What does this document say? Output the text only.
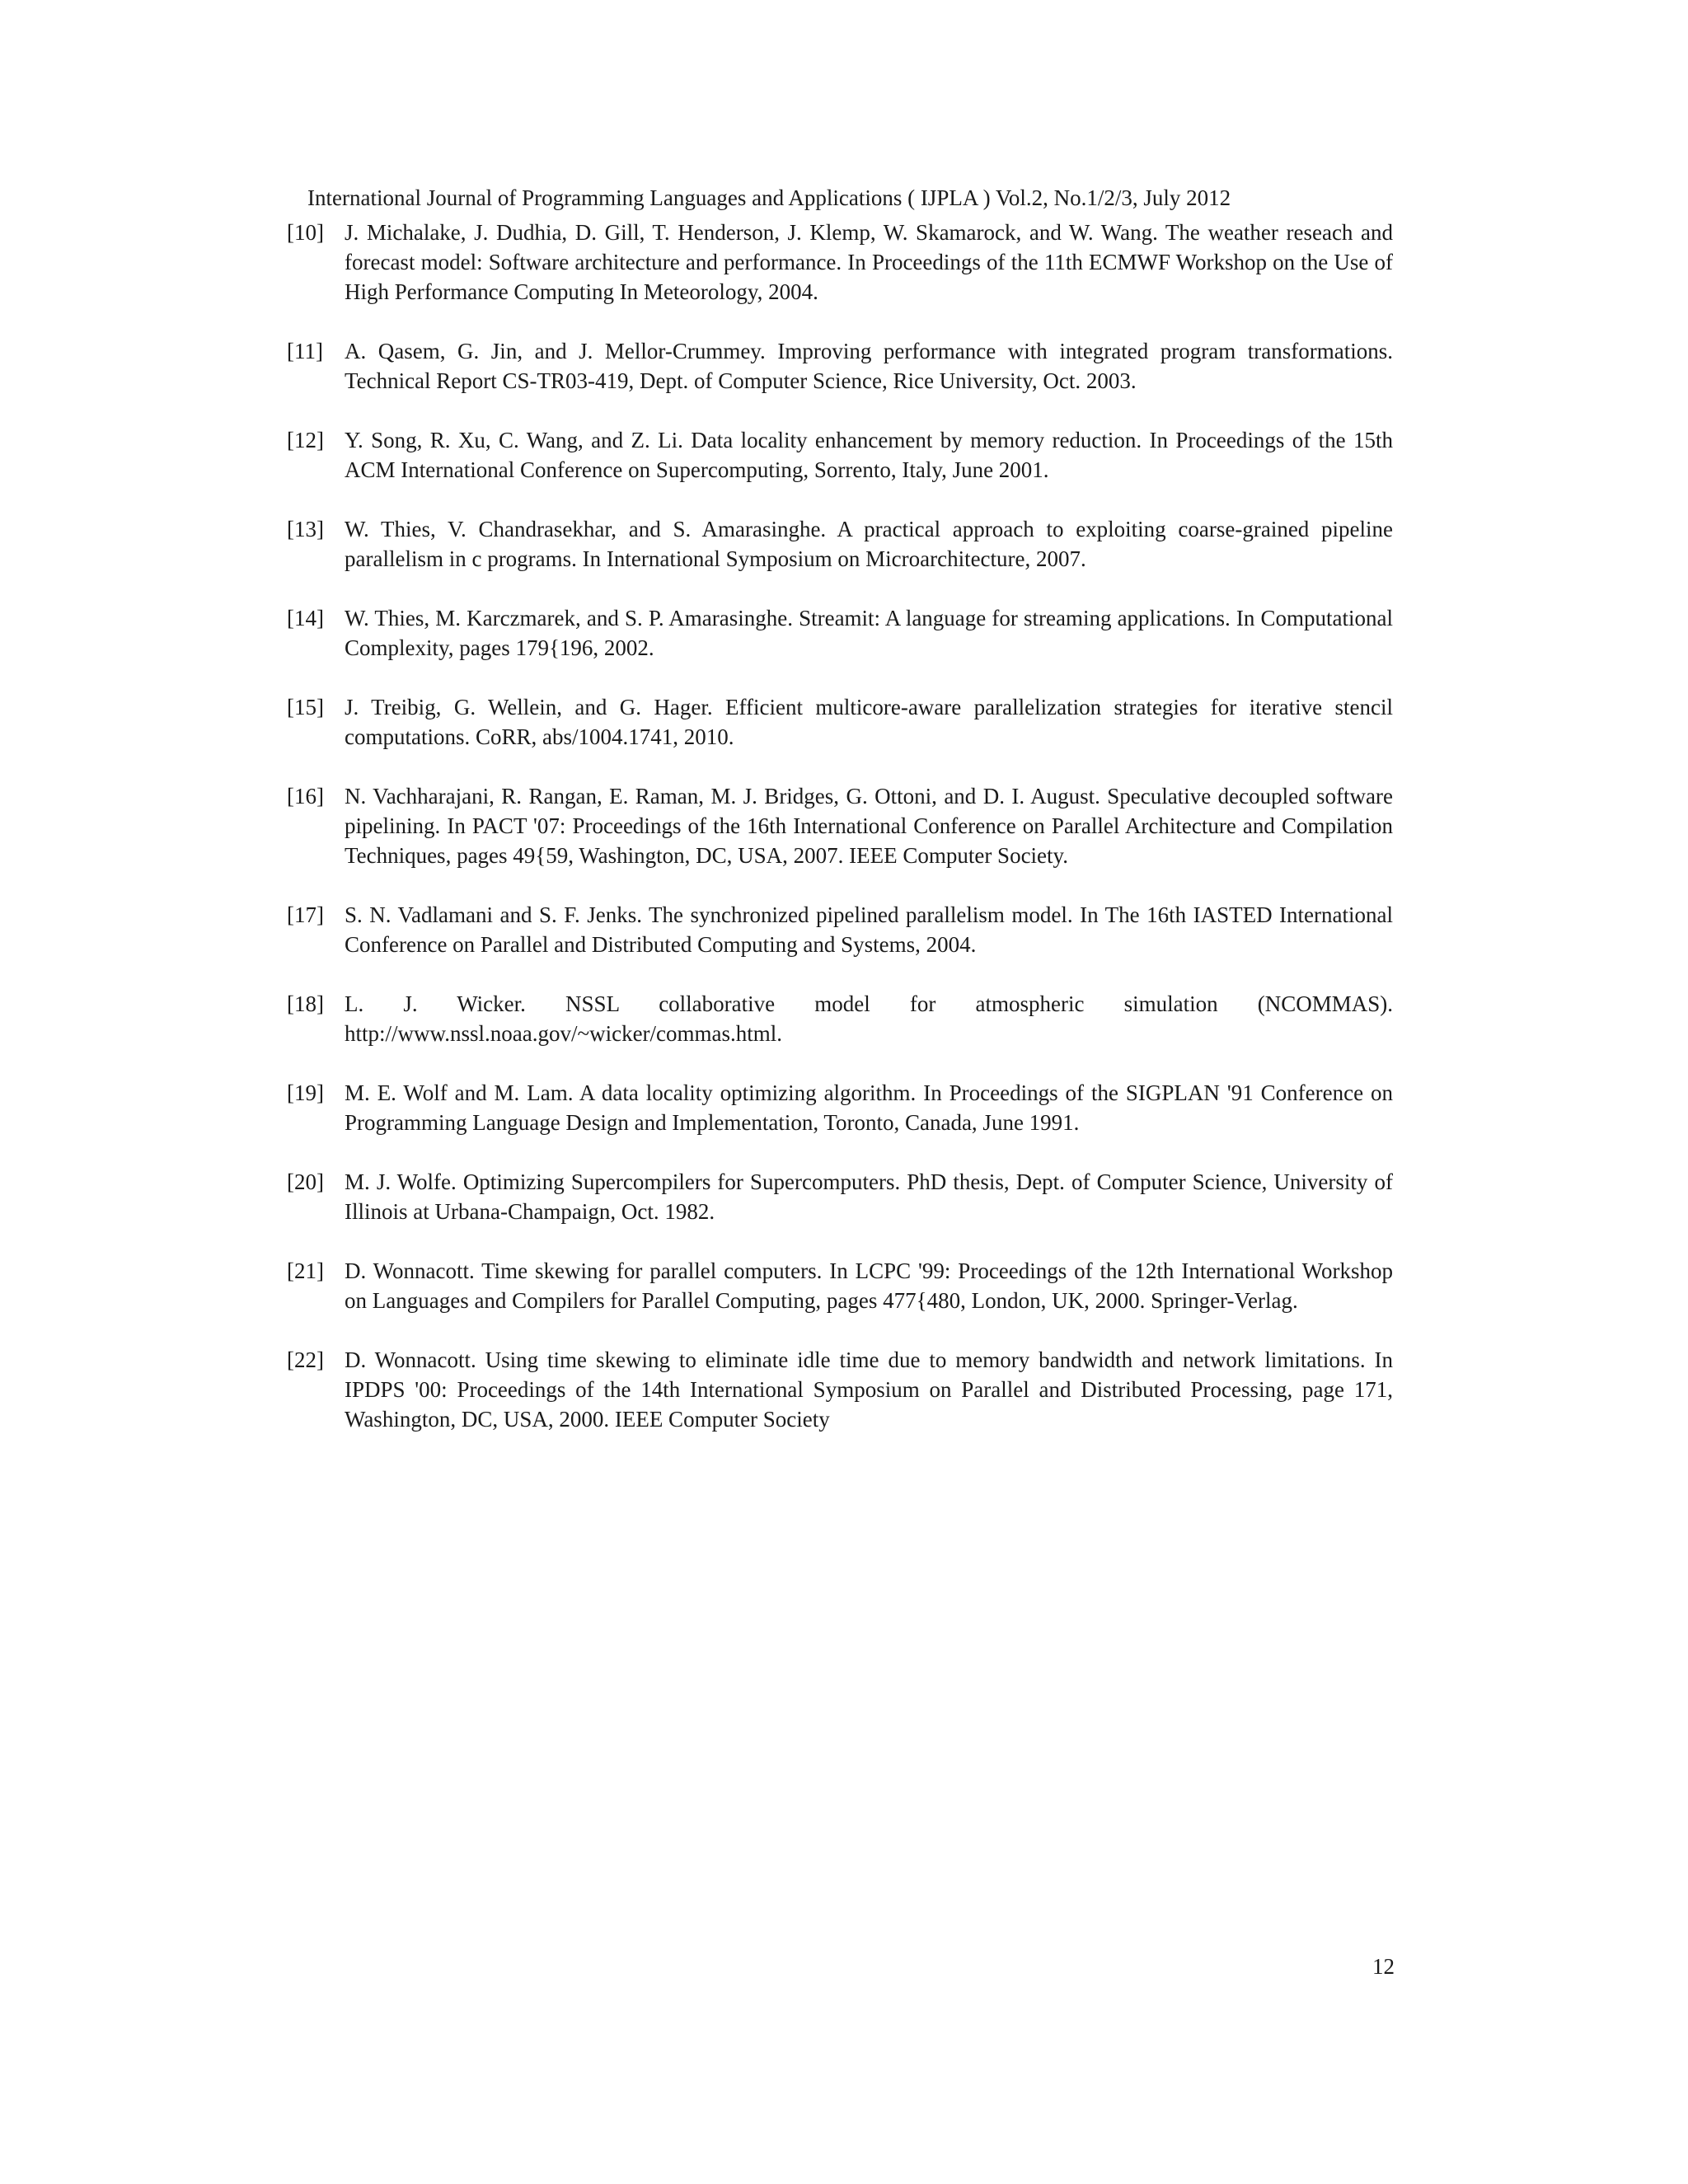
International Journal of Programming Languages and Applications ( IJPLA ) Vol.2, No.1/2/3, July 2012
[10] J. Michalake, J. Dudhia, D. Gill, T. Henderson, J. Klemp, W. Skamarock, and W. Wang. The weather reseach and forecast model: Software architecture and performance. In Proceedings of the 11th ECMWF Workshop on the Use of High Performance Computing In Meteorology, 2004.
[11] A. Qasem, G. Jin, and J. Mellor-Crummey. Improving performance with integrated program transformations. Technical Report CS-TR03-419, Dept. of Computer Science, Rice University, Oct. 2003.
[12] Y. Song, R. Xu, C. Wang, and Z. Li. Data locality enhancement by memory reduction. In Proceedings of the 15th ACM International Conference on Supercomputing, Sorrento, Italy, June 2001.
[13] W. Thies, V. Chandrasekhar, and S. Amarasinghe. A practical approach to exploiting coarse-grained pipeline parallelism in c programs. In International Symposium on Microarchitecture, 2007.
[14] W. Thies, M. Karczmarek, and S. P. Amarasinghe. Streamit: A language for streaming applications. In Computational Complexity, pages 179{196, 2002.
[15] J. Treibig, G. Wellein, and G. Hager. Efficient multicore-aware parallelization strategies for iterative stencil computations. CoRR, abs/1004.1741, 2010.
[16] N. Vachharajani, R. Rangan, E. Raman, M. J. Bridges, G. Ottoni, and D. I. August. Speculative decoupled software pipelining. In PACT '07: Proceedings of the 16th International Conference on Parallel Architecture and Compilation Techniques, pages 49{59, Washington, DC, USA, 2007. IEEE Computer Society.
[17] S. N. Vadlamani and S. F. Jenks. The synchronized pipelined parallelism model. In The 16th IASTED International Conference on Parallel and Distributed Computing and Systems, 2004.
[18] L. J. Wicker. NSSL collaborative model for atmospheric simulation (NCOMMAS). http://www.nssl.noaa.gov/~wicker/commas.html.
[19] M. E. Wolf and M. Lam. A data locality optimizing algorithm. In Proceedings of the SIGPLAN '91 Conference on Programming Language Design and Implementation, Toronto, Canada, June 1991.
[20] M. J. Wolfe. Optimizing Supercompilers for Supercomputers. PhD thesis, Dept. of Computer Science, University of Illinois at Urbana-Champaign, Oct. 1982.
[21] D. Wonnacott. Time skewing for parallel computers. In LCPC '99: Proceedings of the 12th International Workshop on Languages and Compilers for Parallel Computing, pages 477{480, London, UK, 2000. Springer-Verlag.
[22] D. Wonnacott. Using time skewing to eliminate idle time due to memory bandwidth and network limitations. In IPDPS '00: Proceedings of the 14th International Symposium on Parallel and Distributed Processing, page 171, Washington, DC, USA, 2000. IEEE Computer Society
12
